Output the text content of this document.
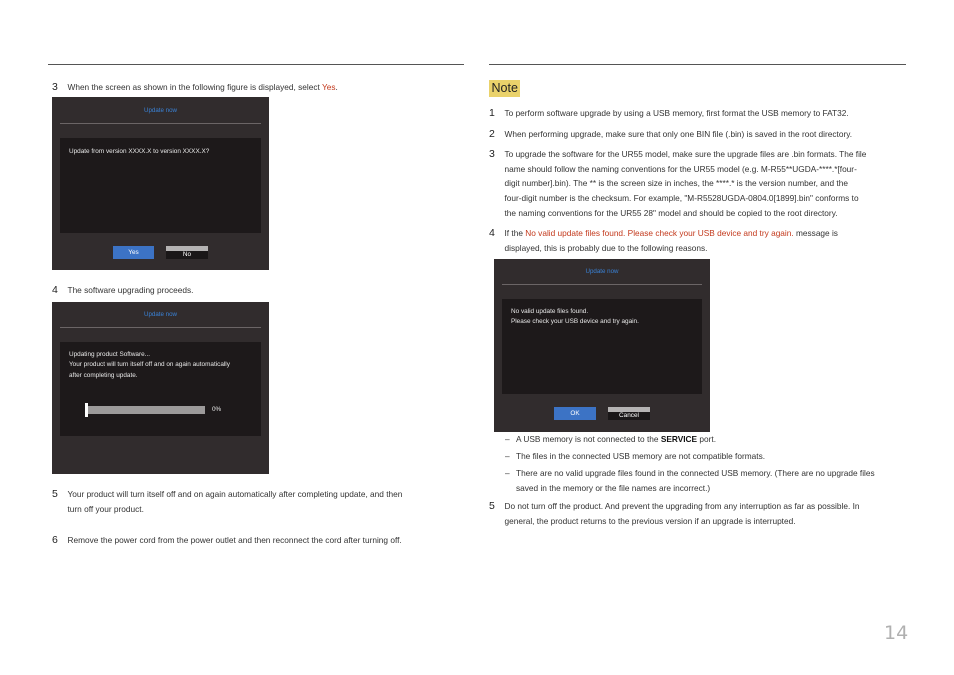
3 When the screen as shown in the following figure is displayed, select Yes.
Update now
Update from version XXXX.X to version XXXX.X?
Yes	No
4 The software upgrading proceeds.
Update now
Updating product Software...
Your product will turn itself off and on again automatically
after completing update.
0%
5 Your product will turn itself off and on again automatically after completing update, and then
turn off your product.
6 Remove the power cord from the power outlet and then reconnect the cord after turning off.
Note
1 To perform software upgrade by using a USB memory, first format the USB memory to FAT32.
2 When performing upgrade, make sure that only one BIN file (.bin) is saved in the root directory.
3 To upgrade the software for the UR55 model, make sure the upgrade files are .bin formats. The file
name should follow the naming conventions for the UR55 model (e.g. M-R55**UGDA-****.*[four-
digit number].bin). The ** is the screen size in inches, the ****.* is the version number, and the
four-digit number is the checksum. For example, "M-R5528UGDA-0804.0[1899].bin" conforms to
the naming conventions for the UR55 28" model and should be copied to the root directory.
4 If the No valid update files found. Please check your USB device and try again. message is
displayed, this is probably due to the following reasons.
Update now
No valid update files found.
Please check your USB device and try again.
OK	Cancel
– A USB memory is not connected to the SERVICE port.
– The files in the connected USB memory are not compatible formats.
– There are no valid upgrade files found in the connected USB memory. (There are no upgrade files
saved in the memory or the file names are incorrect.)
5 Do not turn off the product. And prevent the upgrading from any interruption as far as possible. In
general, the product returns to the previous version if an upgrade is interrupted.
14
